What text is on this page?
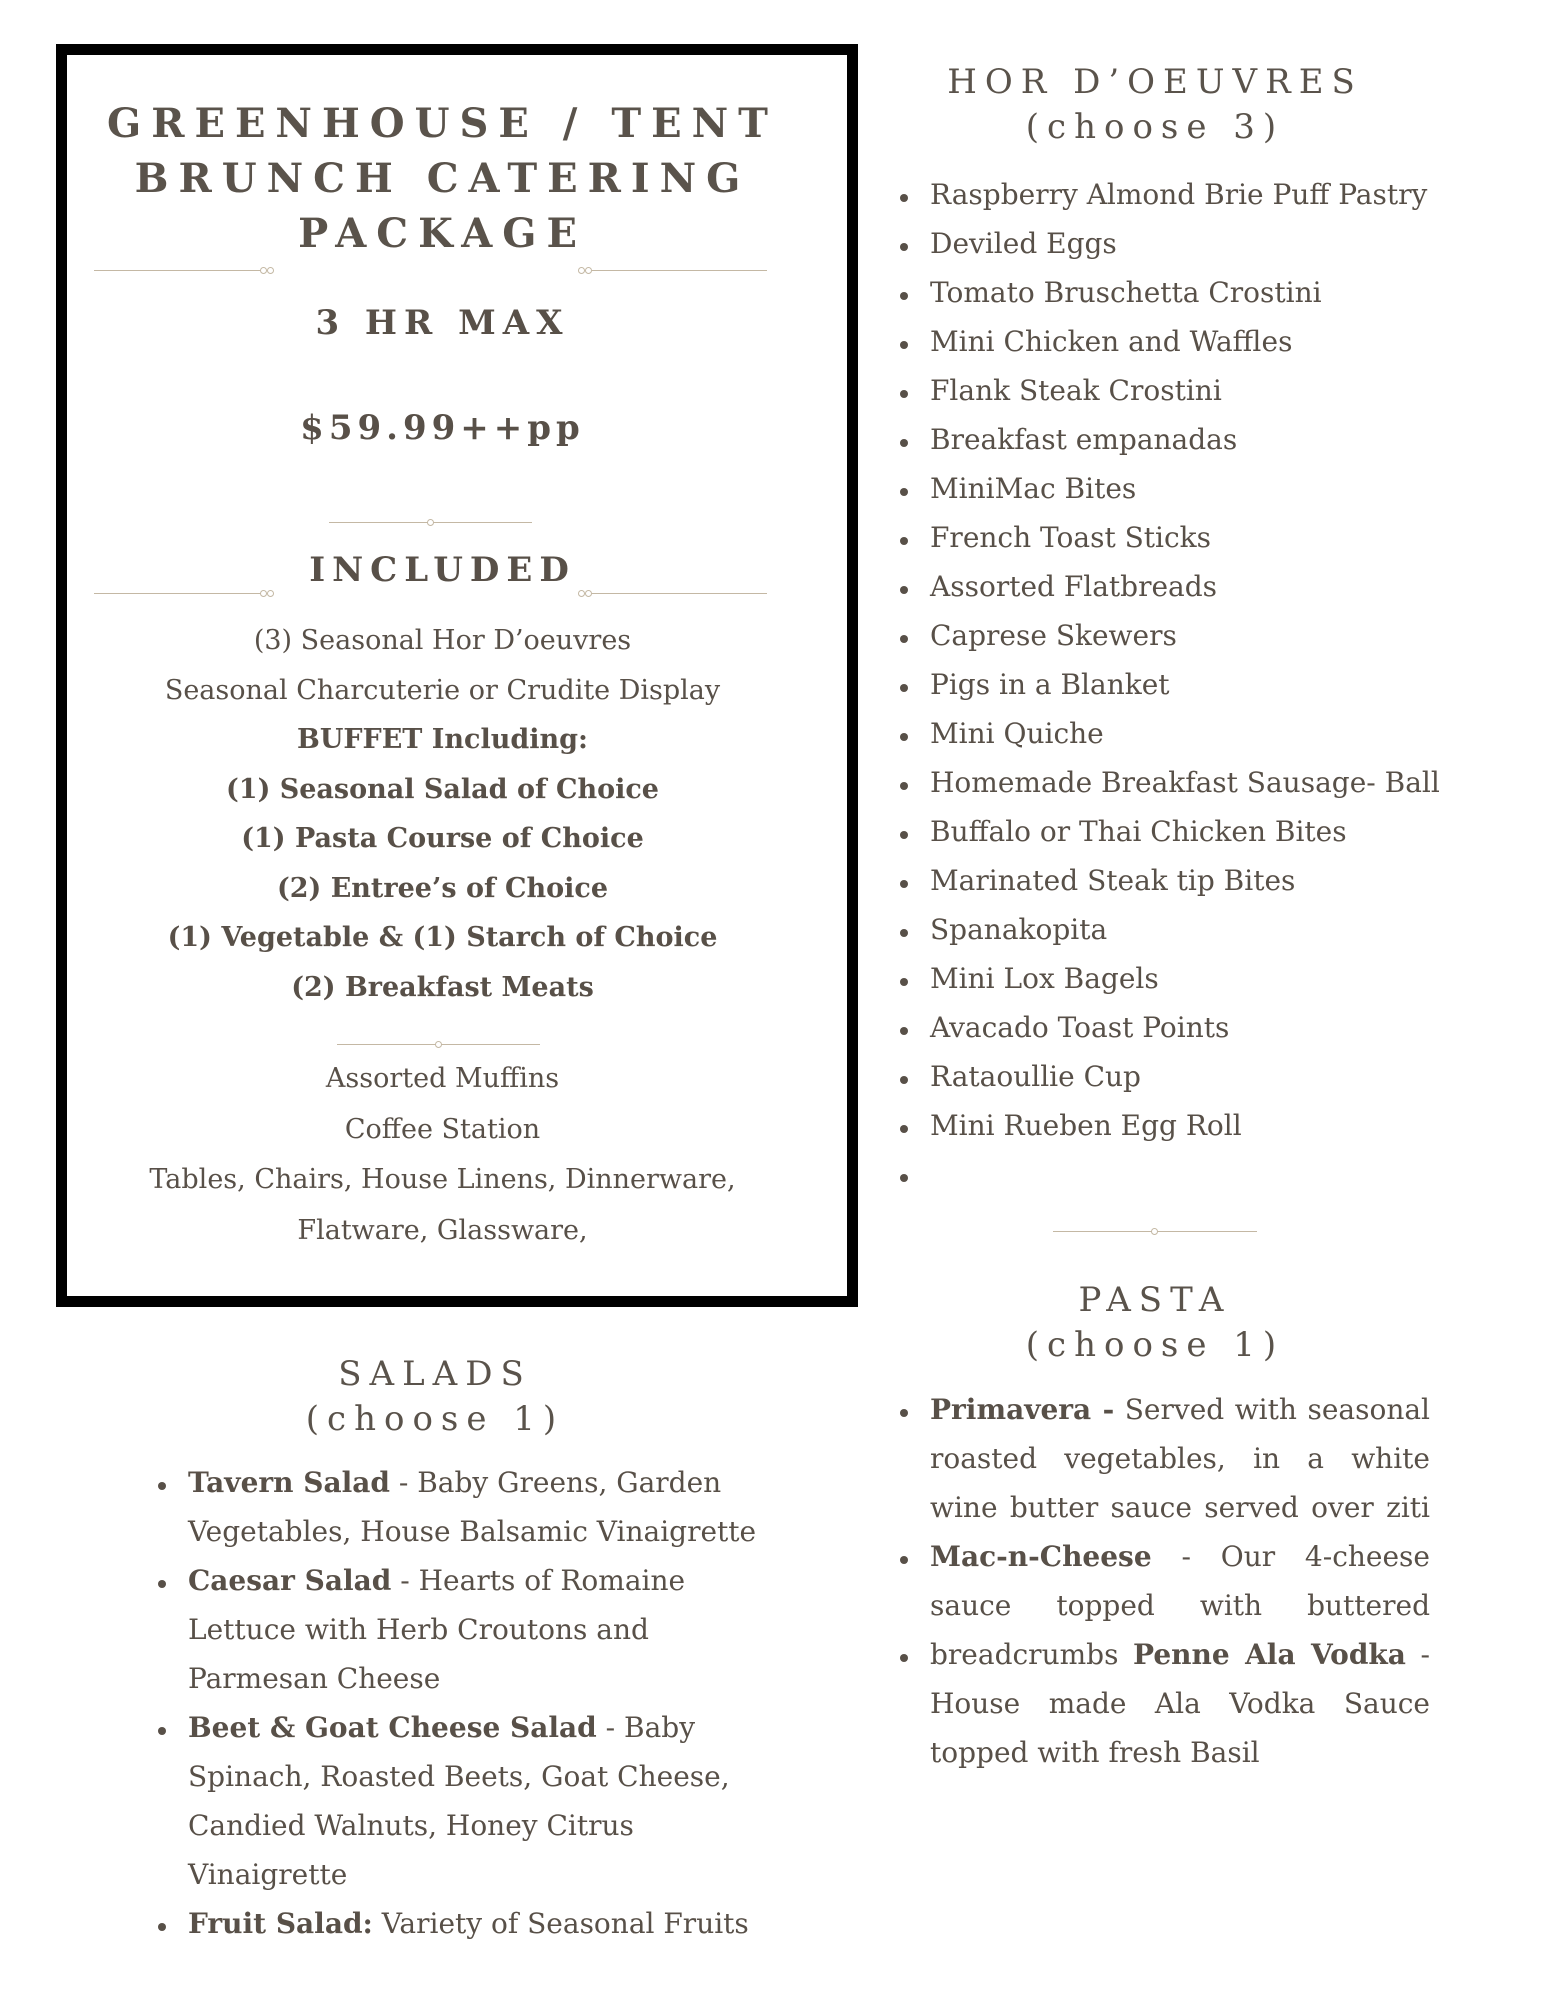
GREENHOUSE / TENT
BRUNCH CATERING
PACKAGE
3 HR MAX
$59.99++pp
INCLUDED
(3) Seasonal Hor D’oeuvres
Seasonal Charcuterie or Crudite Display
BUFFET Including:
(1) Seasonal Salad of Choice
(1) Pasta Course of Choice
(2) Entree’s of Choice
(1) Vegetable & (1) Starch of Choice
(2) Breakfast Meats
Assorted Muffins
Coffee Station
Tables, Chairs, House Linens, Dinnerware,
Flatware, Glassware,
HOR D’OEUVRES
(choose 3)
Raspberry Almond Brie Puff Pastry
Deviled Eggs
Tomato Bruschetta Crostini
Mini Chicken and Waffles
Flank Steak Crostini
Breakfast empanadas
MiniMac Bites
French Toast Sticks
Assorted Flatbreads
Caprese Skewers
Pigs in a Blanket
Mini Quiche
Homemade Breakfast Sausage- Ball
Buffalo or Thai Chicken Bites
Marinated Steak tip Bites
Spanakopita
Mini Lox Bagels
Avacado Toast Points
Rataoullie Cup
Mini Rueben Egg Roll

PASTA
(choose 1)
Primavera - Served with seasonal roasted vegetables, in a white wine butter sauce served over ziti Mac-n-Cheese - Our 4-cheese sauce topped with buttered breadcrumbs Penne Ala Vodka - House made Ala Vodka Sauce topped with fresh Basil
SALADS
(choose 1)
Tavern Salad - Baby Greens, Garden Vegetables, House Balsamic Vinaigrette
Caesar Salad - Hearts of Romaine Lettuce with Herb Croutons and Parmesan Cheese
Beet & Goat Cheese Salad - Baby Spinach, Roasted Beets, Goat Cheese, Candied Walnuts, Honey Citrus Vinaigrette
Fruit Salad: Variety of Seasonal Fruits
